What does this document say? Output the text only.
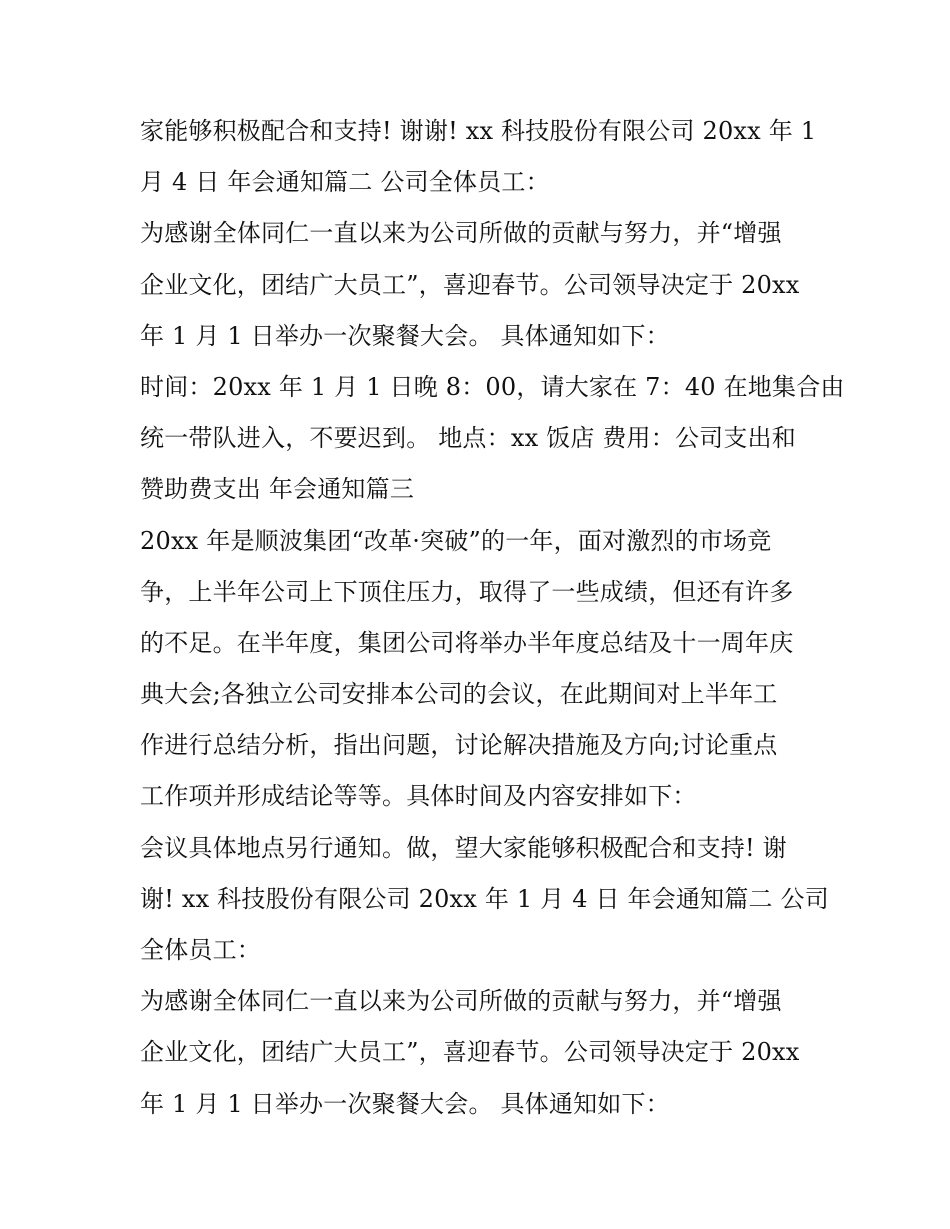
家能够积极配合和支持! 谢谢! xx 科技股份有限公司 20xx 年 1
月 4 日 年会通知篇二 公司全体员工：
为感谢全体同仁一直以来为公司所做的贡献与努力，并“增强
企业文化，团结广大员工”，喜迎春节。公司领导决定于 20xx
年 1 月 1 日举办一次聚餐大会。 具体通知如下：
时间：20xx 年 1 月 1 日晚 8：00，请大家在 7：40 在地集合由
统一带队进入，不要迟到。 地点：xx 饭店 费用：公司支出和
赞助费支出 年会通知篇三
20xx 年是顺波集团“改革·突破”的一年，面对激烈的市场竞
争，上半年公司上下顶住压力，取得了一些成绩，但还有许多
的不足。在半年度，集团公司将举办半年度总结及十一周年庆
典大会;各独立公司安排本公司的会议，在此期间对上半年工
作进行总结分析，指出问题，讨论解决措施及方向;讨论重点
工作项并形成结论等等。具体时间及内容安排如下：
会议具体地点另行通知。做，望大家能够积极配合和支持! 谢
谢! xx 科技股份有限公司 20xx 年 1 月 4 日 年会通知篇二 公司
全体员工：
为感谢全体同仁一直以来为公司所做的贡献与努力，并“增强
企业文化，团结广大员工”，喜迎春节。公司领导决定于 20xx
年 1 月 1 日举办一次聚餐大会。 具体通知如下：
